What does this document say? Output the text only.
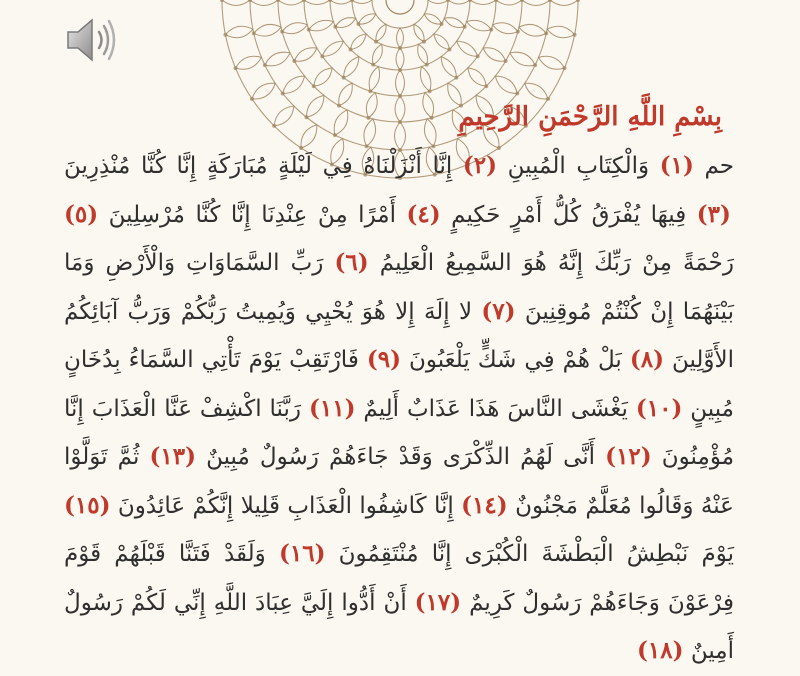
بِسْمِ اللَّهِ الرَّحْمَنِ الرَّحِيمِ
حم (١) وَالْكِتَابِ الْمُبِينِ (٢) إِنَّا أَنْزَلْنَاهُ فِي لَيْلَةٍ مُبَارَكَةٍ إِنَّا كُنَّا مُنْذِرِينَ (٣) فِيهَا يُفْرَقُ كُلُّ أَمْرٍ حَكِيمٍ (٤) أَمْرًا مِنْ عِنْدِنَا إِنَّا كُنَّا مُرْسِلِينَ (٥) رَحْمَةً مِنْ رَبِّكَ إِنَّهُ هُوَ السَّمِيعُ الْعَلِيمُ (٦) رَبِّ السَّمَاوَاتِ وَالْأَرْضِ وَمَا بَيْنَهُمَا إِنْ كُنْتُمْ مُوقِنِينَ (٧) لا إِلَهَ إِلا هُوَ يُحْيِي وَيُمِيتُ رَبُّكُمْ وَرَبُّ آبَائِكُمُ الأَوَّلِينَ (٨) بَلْ هُمْ فِي شَكٍّ يَلْعَبُونَ (٩) فَارْتَقِبْ يَوْمَ تَأْتِي السَّمَاءُ بِدُخَانٍ مُبِينٍ (١٠) يَغْشَى النَّاسَ هَذَا عَذَابٌ أَلِيمٌ (١١) رَبَّنَا اكْشِفْ عَنَّا الْعَذَابَ إِنَّا مُؤْمِنُونَ (١٢) أَنَّى لَهُمُ الذِّكْرَى وَقَدْ جَاءَهُمْ رَسُولٌ مُبِينٌ (١٣) ثُمَّ تَوَلَّوْا عَنْهُ وَقَالُوا مُعَلَّمٌ مَجْنُونٌ (١٤) إِنَّا كَاشِفُوا الْعَذَابِ قَلِيلا إِنَّكُمْ عَائِدُونَ (١٥) يَوْمَ نَبْطِشُ الْبَطْشَةَ الْكُبْرَى إِنَّا مُنْتَقِمُونَ (١٦) وَلَقَدْ فَتَنَّا قَبْلَهُمْ قَوْمَ فِرْعَوْنَ وَجَاءَهُمْ رَسُولٌ كَرِيمٌ (١٧) أَنْ أَدُّوا إِلَيَّ عِبَادَ اللَّهِ إِنِّي لَكُمْ رَسُولٌ أَمِينٌ (١٨)
